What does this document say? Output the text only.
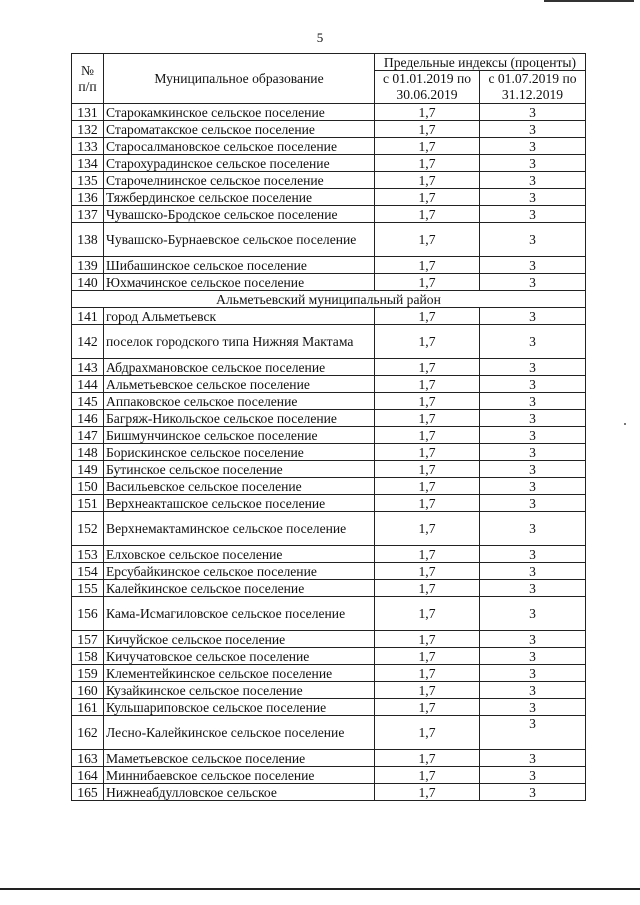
5
№ п/п	Муниципальное образование	Предельные индексы (проценты)	
		с 01.01.2019 по 30.06.2019	с 01.07.2019 по 31.12.2019
131	Старокамкинское сельское поселение	1,7	3
132	Староматакское сельское поселение	1,7	3
133	Старосалмановское сельское поселение	1,7	3
134	Старохурадинское сельское поселение	1,7	3
135	Старочелнинское сельское поселение	1,7	3
136	Тяжбердинское сельское поселение	1,7	3
137	Чувашско-Бродское сельское поселение	1,7	3
138	Чувашско-Бурнаевское сельское поселение	1,7	3
139	Шибашинское сельское поселение	1,7	3
140	Юхмачинское сельское поселение	1,7	3
Альметьевский муниципальный район			
141	город Альметьевск	1,7	3
142	поселок городского типа Нижняя Мактама	1,7	3
143	Абдрахмановское сельское поселение	1,7	3
144	Альметьевское сельское поселение	1,7	3
145	Аппаковское сельское поселение	1,7	3
146	Багряж-Никольское сельское поселение	1,7	3
147	Бишмунчинское сельское поселение	1,7	3
148	Борискинское сельское поселение	1,7	3
149	Бутинское сельское поселение	1,7	3
150	Васильевское сельское поселение	1,7	3
151	Верхнеакташское сельское поселение	1,7	3
152	Верхнемактаминское сельское поселение	1,7	3
153	Елховское сельское поселение	1,7	3
154	Ерсубайкинское сельское поселение	1,7	3
155	Калейкинское сельское поселение	1,7	3
156	Кама-Исмагиловское сельское поселение	1,7	3
157	Кичуйское сельское поселение	1,7	3
158	Кичучатовское сельское поселение	1,7	3
159	Клементейкинское сельское поселение	1,7	3
160	Кузайкинское сельское поселение	1,7	3
161	Кульшариповское сельское поселение	1,7	3
162	Лесно-Калейкинское сельское поселение	1,7	3
163	Маметьевское сельское поселение	1,7	3
164	Миннибаевское сельское поселение	1,7	3
165	Нижнеабдулловское сельское	1,7	3
